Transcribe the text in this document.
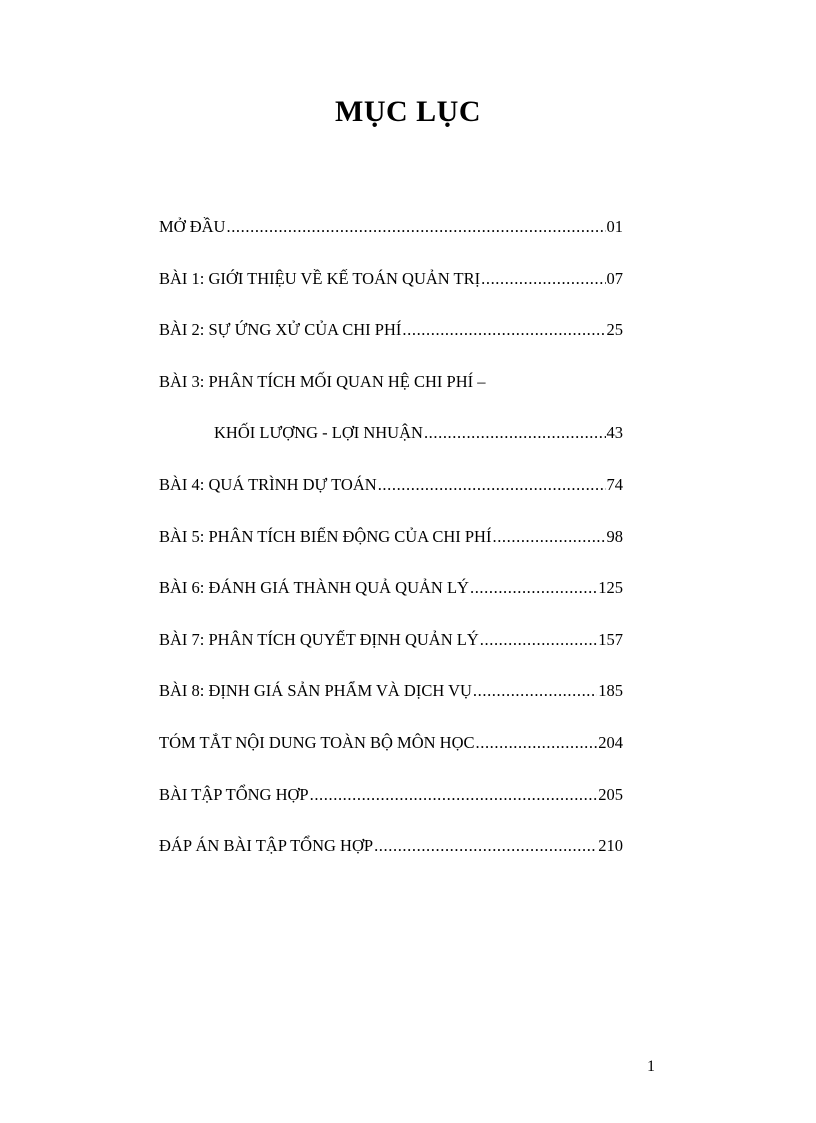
MỤC LỤC
MỞ ĐẦU .....	01
BÀI 1: GIỚI THIỆU VỀ KẾ TOÁN QUẢN TRỊ .....	07
BÀI 2: SỰ ỨNG XỬ CỦA CHI PHÍ .....	25
BÀI 3: PHÂN TÍCH MỐI QUAN HỆ CHI PHÍ –
KHỐI LƯỢNG - LỢI NHUẬN .....	43
BÀI 4: QUÁ TRÌNH DỰ TOÁN .....	74
BÀI 5: PHÂN TÍCH BIẾN ĐỘNG CỦA CHI PHÍ .....	98
BÀI 6: ĐÁNH GIÁ THÀNH QUẢ QUẢN LÝ .....	125
BÀI 7: PHÂN TÍCH QUYẾT ĐỊNH QUẢN LÝ .....	157
BÀI 8: ĐỊNH GIÁ SẢN PHẨM VÀ DỊCH VỤ .....	185
TÓM TẮT NỘI DUNG TOÀN BỘ MÔN HỌC .....	204
BÀI TẬP TỔNG HỢP .....	205
ĐÁP ÁN BÀI TẬP TỔNG HỢP .....	210
1
